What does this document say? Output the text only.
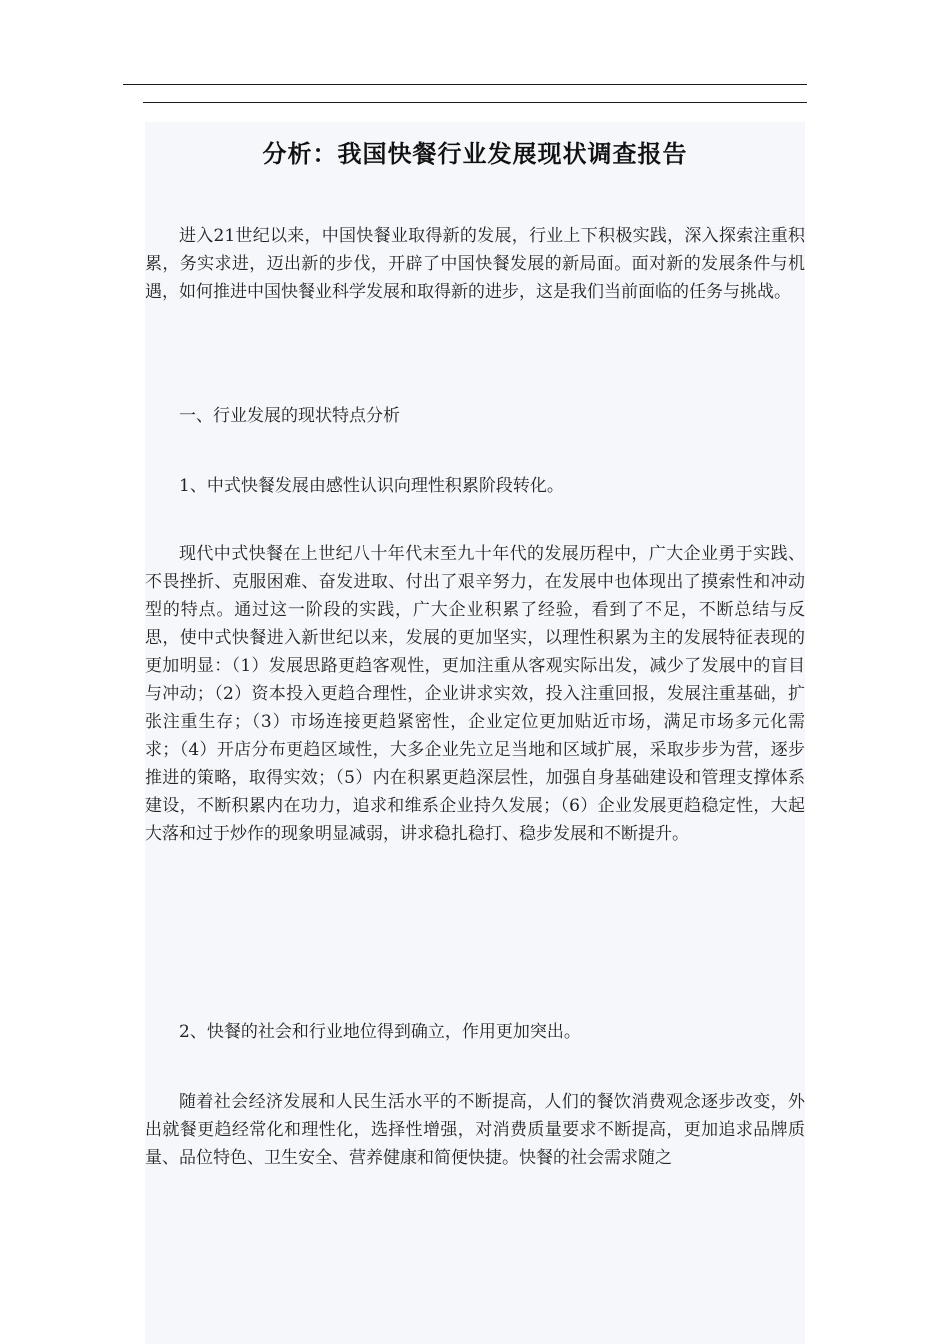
分析：我国快餐行业发展现状调查报告

进入21世纪以来，中国快餐业取得新的发展，行业上下积极实践，深入探索注重积累，务实求进，迈出新的步伐，开辟了中国快餐发展的新局面。面对新的发展条件与机遇，如何推进中国快餐业科学发展和取得新的进步，这是我们当前面临的任务与挑战。

一、行业发展的现状特点分析

1、中式快餐发展由感性认识向理性积累阶段转化。

现代中式快餐在上世纪八十年代末至九十年代的发展历程中，广大企业勇于实践、不畏挫折、克服困难、奋发进取、付出了艰辛努力，在发展中也体现出了摸索性和冲动型的特点。通过这一阶段的实践，广大企业积累了经验，看到了不足，不断总结与反思，使中式快餐进入新世纪以来，发展的更加坚实，以理性积累为主的发展特征表现的更加明显：（1）发展思路更趋客观性，更加注重从客观实际出发，减少了发展中的盲目与冲动；（2）资本投入更趋合理性，企业讲求实效，投入注重回报，发展注重基础，扩张注重生存；（3）市场连接更趋紧密性，企业定位更加贴近市场，满足市场多元化需求；（4）开店分布更趋区域性，大多企业先立足当地和区域扩展，采取步步为营，逐步推进的策略，取得实效；（5）内在积累更趋深层性，加强自身基础建设和管理支撑体系建设，不断积累内在功力，追求和维系企业持久发展；（6）企业发展更趋稳定性，大起大落和过于炒作的现象明显减弱，讲求稳扎稳打、稳步发展和不断提升。

2、快餐的社会和行业地位得到确立，作用更加突出。

随着社会经济发展和人民生活水平的不断提高，人们的餐饮消费观念逐步改变，外出就餐更趋经常化和理性化，选择性增强，对消费质量要求不断提高，更加追求品牌质量、品位特色、卫生安全、营养健康和简便快捷。快餐的社会需求随之
